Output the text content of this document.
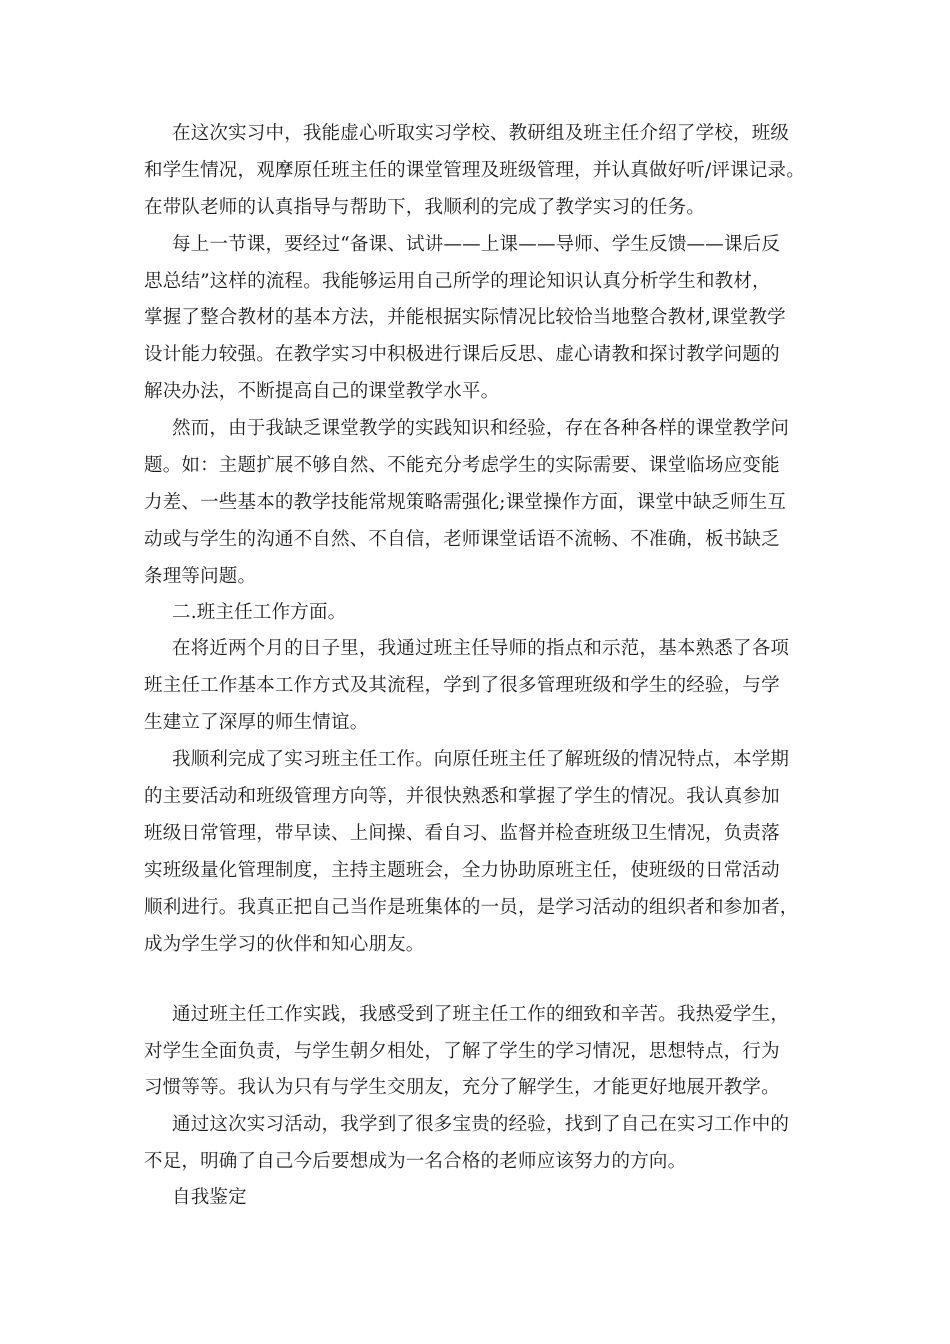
在这次实习中，我能虚心听取实习学校、教研组及班主任介绍了学校，班级
和学生情况，观摩原任班主任的课堂管理及班级管理，并认真做好听/评课记录。
在带队老师的认真指导与帮助下，我顺利的完成了教学实习的任务。
每上一节课，要经过“备课、试讲——上课——导师、学生反馈——课后反
思总结”这样的流程。我能够运用自己所学的理论知识认真分析学生和教材，
掌握了整合教材的基本方法，并能根据实际情况比较恰当地整合教材,课堂教学
设计能力较强。在教学实习中积极进行课后反思、虚心请教和探讨教学问题的
解决办法，不断提高自己的课堂教学水平。
然而，由于我缺乏课堂教学的实践知识和经验，存在各种各样的课堂教学问
题。如：主题扩展不够自然、不能充分考虑学生的实际需要、课堂临场应变能
力差、一些基本的教学技能常规策略需强化;课堂操作方面，课堂中缺乏师生互
动或与学生的沟通不自然、不自信，老师课堂话语不流畅、不准确，板书缺乏
条理等问题。
二.班主任工作方面。
在将近两个月的日子里，我通过班主任导师的指点和示范，基本熟悉了各项
班主任工作基本工作方式及其流程，学到了很多管理班级和学生的经验，与学
生建立了深厚的师生情谊。
我顺利完成了实习班主任工作。向原任班主任了解班级的情况特点，本学期
的主要活动和班级管理方向等，并很快熟悉和掌握了学生的情况。我认真参加
班级日常管理，带早读、上间操、看自习、监督并检查班级卫生情况，负责落
实班级量化管理制度，主持主题班会，全力协助原班主任，使班级的日常活动
顺利进行。我真正把自己当作是班集体的一员，是学习活动的组织者和参加者，
成为学生学习的伙伴和知心朋友。
通过班主任工作实践，我感受到了班主任工作的细致和辛苦。我热爱学生，
对学生全面负责，与学生朝夕相处，了解了学生的学习情况，思想特点，行为
习惯等等。我认为只有与学生交朋友，充分了解学生，才能更好地展开教学。
通过这次实习活动，我学到了很多宝贵的经验，找到了自己在实习工作中的
不足，明确了自己今后要想成为一名合格的老师应该努力的方向。
自我鉴定
